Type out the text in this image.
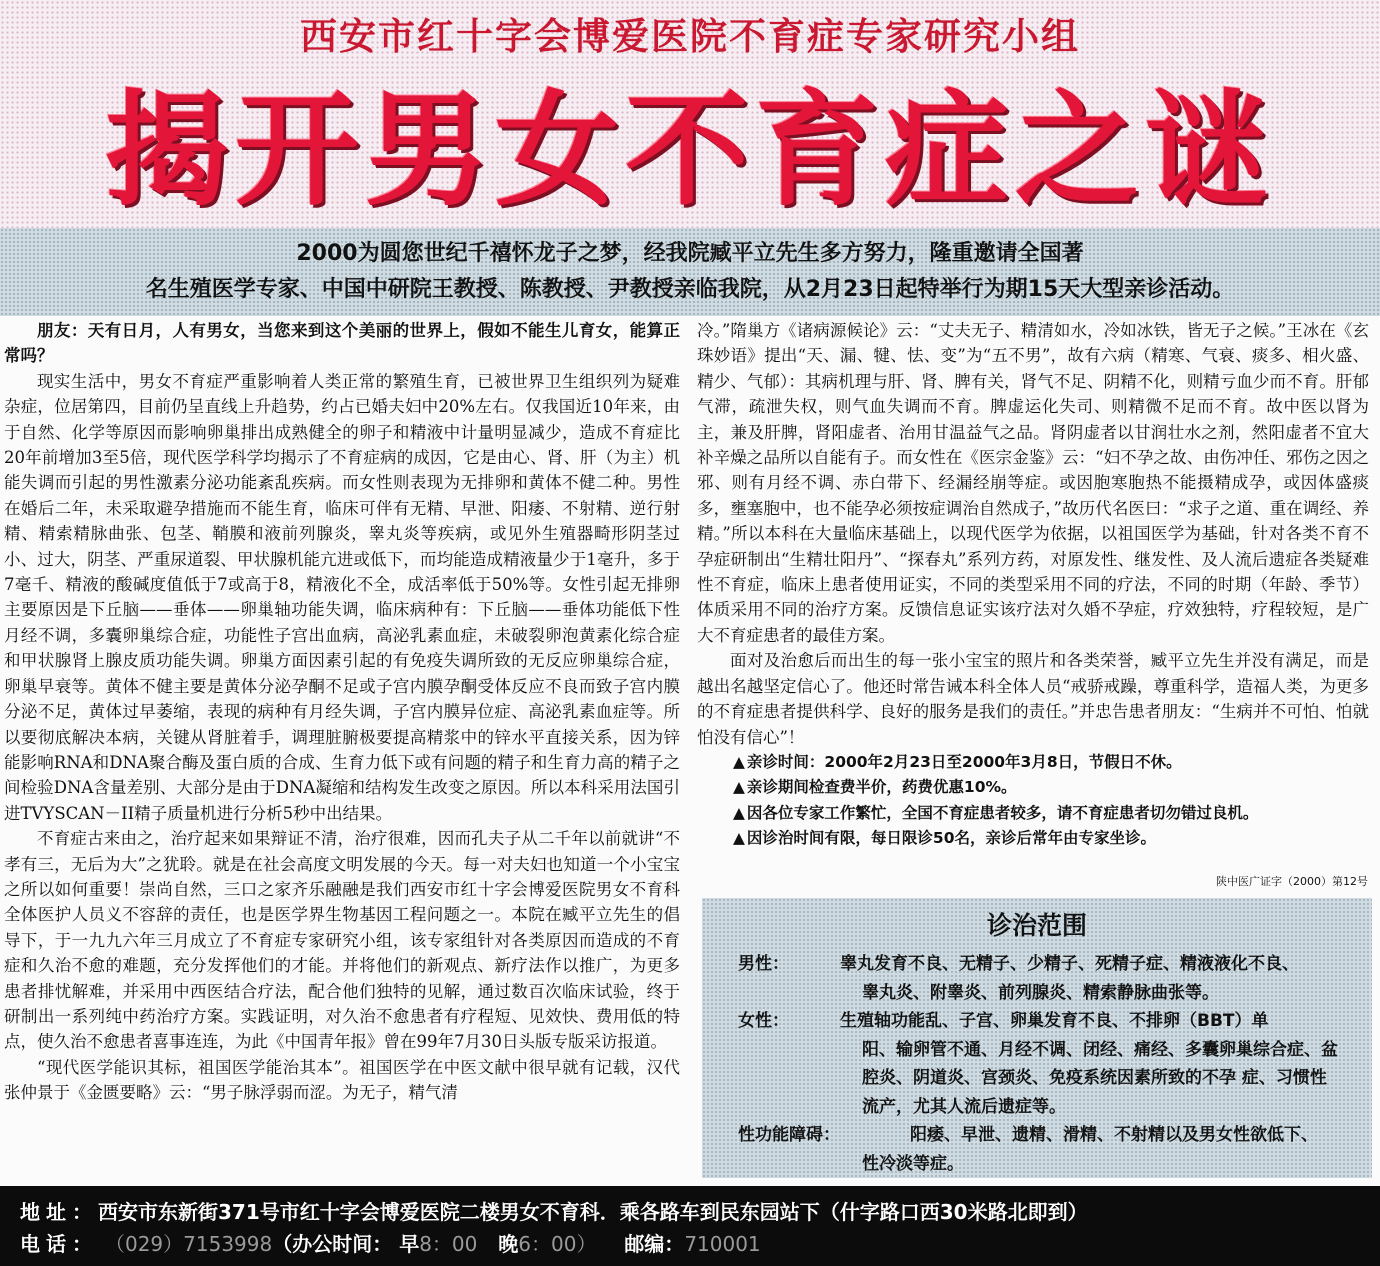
西安市红十字会博爱医院不育症专家研究小组
揭开男女不育症之谜
2000为圆您世纪千禧怀龙子之梦，经我院臧平立先生多方努力，隆重邀请全国著
名生殖医学专家、中国中研院王教授、陈教授、尹教授亲临我院，从2月23日起特举行为期15天大型亲诊活动。

朋友：天有日月，人有男女，当您来到这个美丽的世界上，假如不能生儿育女，能算正常吗？

现实生活中，男女不育症严重影响着人类正常的繁殖生育，已被世界卫生组织列为疑难杂症，位居第四，目前仍呈直线上升趋势，约占已婚夫妇中20%左右。仅我国近10年来，由于自然、化学等原因而影响卵巢排出成熟健全的卵子和精液中计量明显减少，造成不育症比20年前增加3至5倍，现代医学科学均揭示了不育症病的成因，它是由心、肾、肝（为主）机能失调而引起的男性激素分泌功能紊乱疾病。而女性则表现为无排卵和黄体不健二种。男性在婚后二年，未采取避孕措施而不能生育，临床可伴有无精、早泄、阳痿、不射精、逆行射精、精索精脉曲张、包茎、鞘膜和液前列腺炎，睾丸炎等疾病，或见外生殖器畸形阴茎过小、过大，阴茎、严重尿道裂、甲状腺机能亢进或低下，而均能造成精液量少于1毫升，多于7毫千、精液的酸碱度值低于7或高于8，精液化不全，成活率低于50%等。女性引起无排卵主要原因是下丘脑——垂体——卵巢轴功能失调，临床病种有：下丘脑——垂体功能低下性月经不调，多囊卵巢综合症，功能性子宫出血病，高泌乳素血症，未破裂卵泡黄素化综合症和甲状腺肾上腺皮质功能失调。卵巢方面因素引起的有免疫失调所致的无反应卵巢综合症，卵巢早衰等。黄体不健主要是黄体分泌孕酮不足或子宫内膜孕酮受体反应不良而致子宫内膜分泌不足，黄体过早萎缩，表现的病种有月经失调，子宫内膜异位症、高泌乳素血症等。所以要彻底解决本病，关键从肾脏着手，调理脏腑极要提高精浆中的锌水平直接关系，因为锌能影响RNA和DNA聚合酶及蛋白质的合成、生育力低下或有问题的精子和生育力高的精子之间检验DNA含量差别、大部分是由于DNA凝缩和结构发生改变之原因。所以本科采用法国引进TVYSCAN－II精子质量机进行分析5秒中出结果。

不育症古来由之，治疗起来如果辩证不清，治疗很难，因而孔夫子从二千年以前就讲“不孝有三，无后为大”之犹聆。就是在社会高度文明发展的今天。每一对夫妇也知道一个小宝宝之所以如何重要！崇尚自然，三口之家齐乐融融是我们西安市红十字会博爱医院男女不育科全体医护人员义不容辞的责任，也是医学界生物基因工程问题之一。本院在臧平立先生的倡导下，于一九九六年三月成立了不育症专家研究小组，该专家组针对各类原因而造成的不育症和久治不愈的难题，充分发挥他们的才能。并将他们的新观点、新疗法作以推广，为更多患者排忧解难，并采用中西医结合疗法，配合他们独特的见解，通过数百次临床试验，终于研制出一系列纯中药治疗方案。实践证明，对久治不愈患者有疗程短、见效快、费用低的特点，使久治不愈患者喜事连连，为此《中国青年报》曾在99年7月30日头版专版采访报道。

“现代医学能识其标，祖国医学能治其本”。祖国医学在中医文献中很早就有记载，汉代张仲景于《金匮要略》云：“男子脉浮弱而涩。为无子，精气清

冷。”隋巢方《诸病源候论》云：“丈夫无子、精清如水，冷如冰铁，皆无子之候。”王冰在《玄珠妙语》提出“天、漏、犍、怯、变”为“五不男”，故有六病（精寒、气衰、痰多、相火盛、精少、气郁）：其病机理与肝、肾、脾有关，肾气不足、阴精不化，则精亏血少而不育。肝郁气滞，疏泄失权，则气血失调而不育。脾虚运化失司、则精微不足而不育。故中医以肾为主，兼及肝脾，肾阳虚者、治用甘温益气之品。肾阴虚者以甘润壮水之剂，然阳虚者不宜大补辛燥之品所以自能有子。而女性在《医宗金鉴》云：“妇不孕之故、由伤冲任、邪伤之因之邪、则有月经不调、赤白带下、经漏经崩等症。或因胞寒胞热不能摄精成孕，或因体盛痰多，壅塞胞中，也不能孕必须按症调治自然成子，”故历代名医曰：“求子之道、重在调经、养精。”所以本科在大量临床基础上，以现代医学为依据，以祖国医学为基础，针对各类不育不孕症研制出“生精壮阳丹”、“探春丸”系列方药，对原发性、继发性、及人流后遗症各类疑难性不育症，临床上患者使用证实，不同的类型采用不同的疗法，不同的时期（年龄、季节）体质采用不同的治疗方案。反馈信息证实该疗法对久婚不孕症，疗效独特，疗程较短，是广大不育症患者的最佳方案。

面对及治愈后而出生的每一张小宝宝的照片和各类荣誉，臧平立先生并没有满足，而是越出名越坚定信心了。他还时常告诫本科全体人员“戒骄戒躁，尊重科学，造福人类，为更多的不育症患者提供科学、良好的服务是我们的责任。”并忠告患者朋友：“生病并不可怕、怕就怕没有信心”！

▲ 亲诊时间：2000年2月23日至2000年3月8日，节假日不休。

▲ 亲诊期间检查费半价，药费优惠10%。

▲ 因各位专家工作繁忙，全国不育症患者较多，请不育症患者切勿错过良机。

▲ 因诊治时间有限，每日限诊50名，亲诊后常年由专家坐诊。

陕中医广证字（2000）第12号
诊治范围
男性：	睾丸发育不良、无精子、少精子、死精子症、精液液化不良、
睾丸炎、附睾炎、前列腺炎、精索静脉曲张等。
女性：	生殖轴功能乱、子宫、卵巢发育不良、不排卵（BBT）单
阳、输卵管不通、月经不调、闭经、痛经、多囊卵巢综合症、盆
腔炎、阴道炎、宫颈炎、免疫系统因素所致的不孕 症、习惯性
流产，尤其人流后遗症等。
性功能障碍：	阳痿、早泄、遗精、滑精、不射精以及男女性欲低下、
性冷淡等症。
地址：西安市东新街371号市红十字会博爱医院二楼男女不育科．乘各路车到民东园站下（什字路口西30米路北即到）
电话： （029）7153998（办公时间： 早8：00 晚6：00） 邮编：710001
